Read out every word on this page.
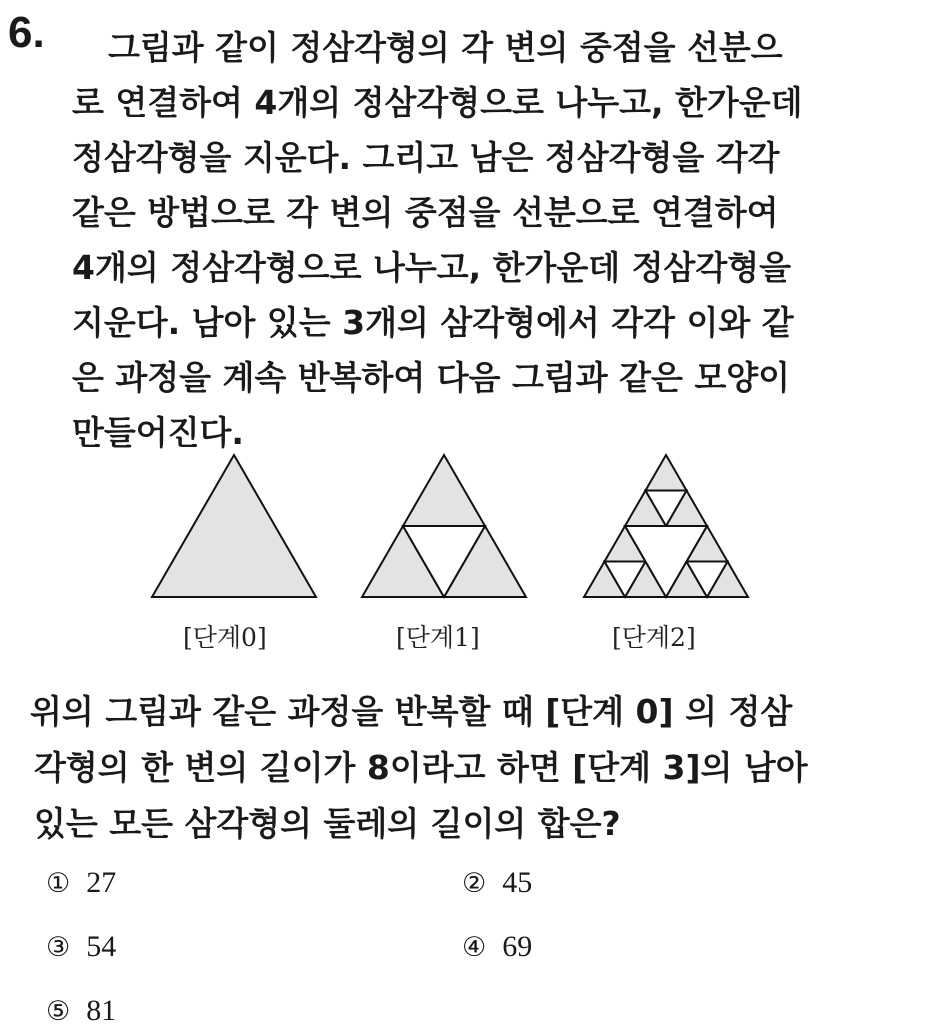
6.	그림과 같이 정삼각형의 각 변의 중점을 선분으
로 연결하여 4개의 정삼각형으로 나누고, 한가운데
정삼각형을 지운다. 그리고 남은 정삼각형을 각각
같은 방법으로 각 변의 중점을 선분으로 연결하여
4개의 정삼각형으로 나누고, 한가운데 정삼각형을
지운다. 남아 있는 3개의 삼각형에서 각각 이와 같
은 과정을 계속 반복하여 다음 그림과 같은 모양이
만들어진다.

[단계0]	[단계1]	[단계2]

위의 그림과 같은 과정을 반복할 때 [단계 0] 의 정삼
각형의 한 변의 길이가 8이라고 하면 [단계 3]의 남아
있는 모든 삼각형의 둘레의 길이의 합은?
① 27	② 45
③ 54	④ 69
⑤ 81
